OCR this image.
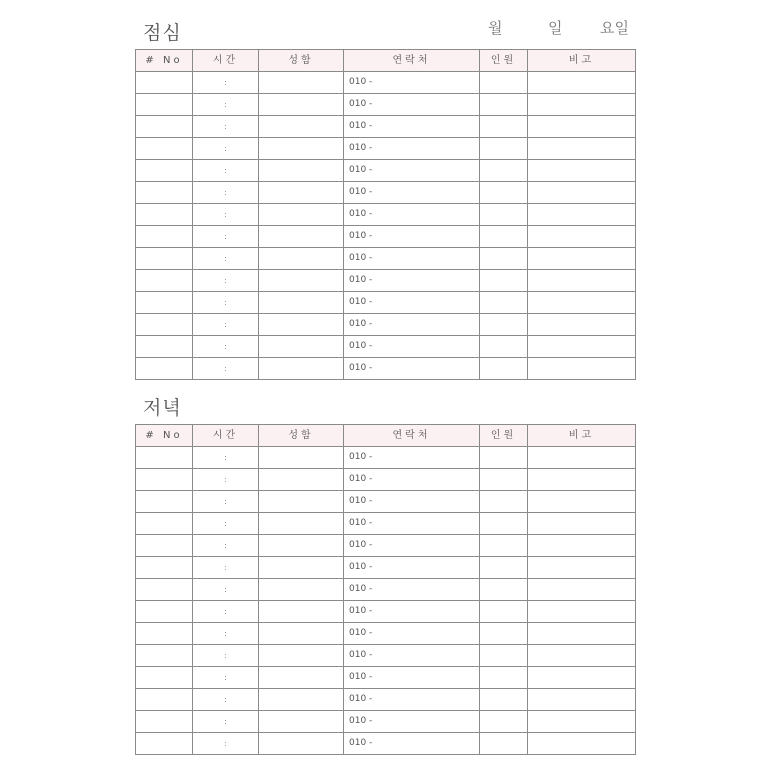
점심	월	일	요일
# No	시간	성함	연락처	인원	비고
	:		010 -		
	:		010 -		
	:		010 -		
	:		010 -		
	:		010 -		
	:		010 -		
	:		010 -		
	:		010 -		
	:		010 -		
	:		010 -		
	:		010 -		
	:		010 -		
	:		010 -		
	:		010 -		
저녁
# No	시간	성함	연락처	인원	비고
	:		010 -		
	:		010 -		
	:		010 -		
	:		010 -		
	:		010 -		
	:		010 -		
	:		010 -		
	:		010 -		
	:		010 -		
	:		010 -		
	:		010 -		
	:		010 -		
	:		010 -		
	:		010 -		
